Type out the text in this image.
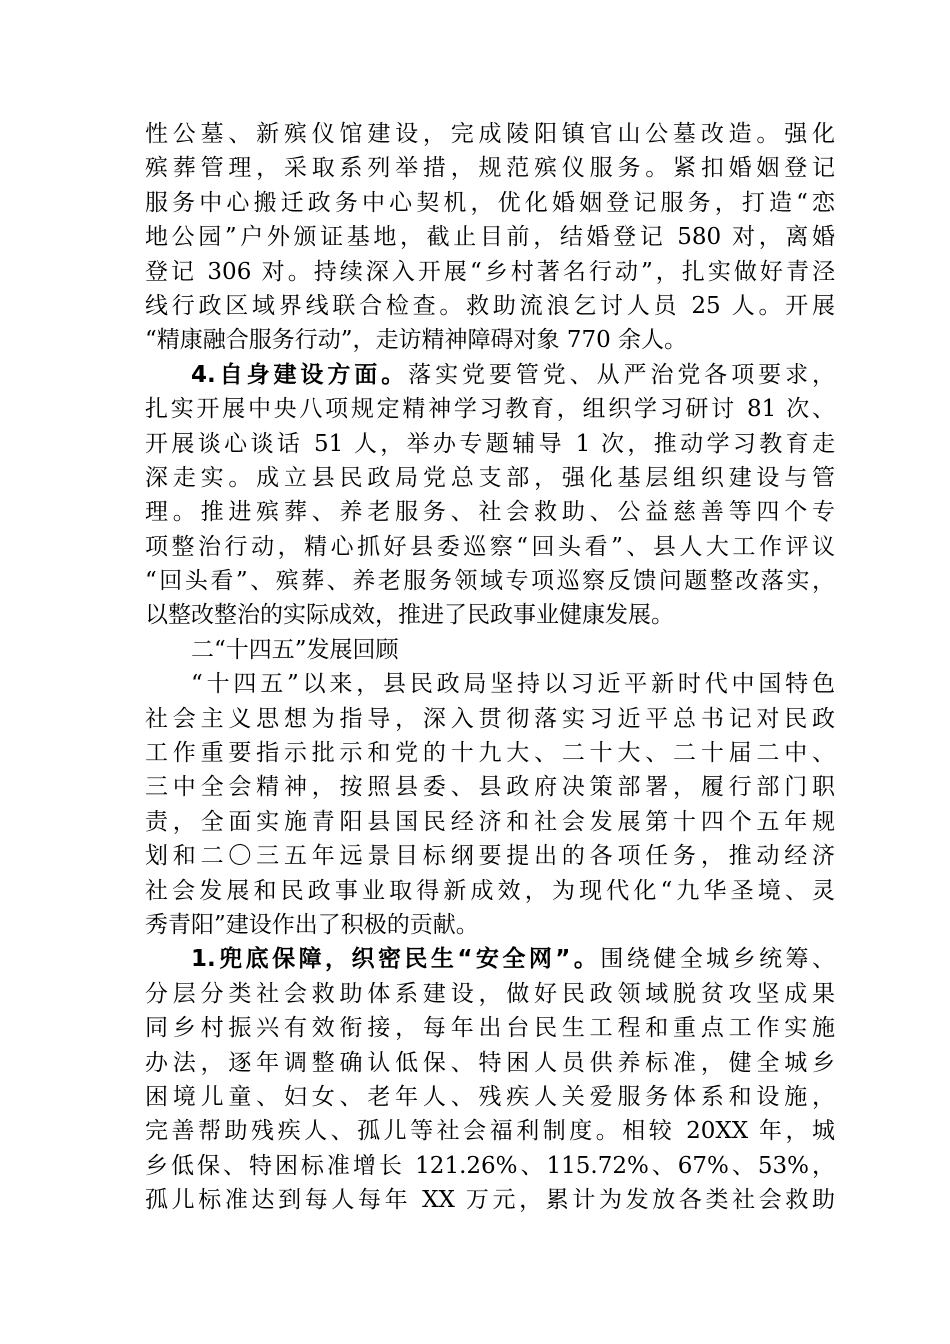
性公墓、新殡仪馆建设，完成陵阳镇官山公墓改造。强化
殡葬管理，采取系列举措，规范殡仪服务。紧扣婚姻登记
服务中心搬迁政务中心契机，优化婚姻登记服务，打造“恋
地公园”户外颁证基地，截止目前，结婚登记 580 对，离婚
登记 306 对。持续深入开展“乡村著名行动”，扎实做好青泾
线行政区域界线联合检查。救助流浪乞讨人员 25 人。开展
“精康融合服务行动”，走访精神障碍对象 770 余人。
4.自身建设方面。落实党要管党、从严治党各项要求，
扎实开展中央八项规定精神学习教育，组织学习研讨 81 次、
开展谈心谈话 51 人，举办专题辅导 1 次，推动学习教育走
深走实。成立县民政局党总支部，强化基层组织建设与管
理。推进殡葬、养老服务、社会救助、公益慈善等四个专
项整治行动，精心抓好县委巡察“回头看”、县人大工作评议
“回头看”、殡葬、养老服务领域专项巡察反馈问题整改落实，
以整改整治的实际成效，推进了民政事业健康发展。
二“十四五”发展回顾
“十四五”以来，县民政局坚持以习近平新时代中国特色
社会主义思想为指导，深入贯彻落实习近平总书记对民政
工作重要指示批示和党的十九大、二十大、二十届二中、
三中全会精神，按照县委、县政府决策部署，履行部门职
责，全面实施青阳县国民经济和社会发展第十四个五年规
划和二〇三五年远景目标纲要提出的各项任务，推动经济
社会发展和民政事业取得新成效，为现代化“九华圣境、灵
秀青阳”建设作出了积极的贡献。
1.兜底保障，织密民生“安全网”。围绕健全城乡统筹、
分层分类社会救助体系建设，做好民政领域脱贫攻坚成果
同乡村振兴有效衔接，每年出台民生工程和重点工作实施
办法，逐年调整确认低保、特困人员供养标准，健全城乡
困境儿童、妇女、老年人、残疾人关爱服务体系和设施，
完善帮助残疾人、孤儿等社会福利制度。相较 20XX 年，城
乡低保、特困标准增长 121.26%、115.72%、67%、53%，
孤儿标准达到每人每年 XX 万元，累计为发放各类社会救助
